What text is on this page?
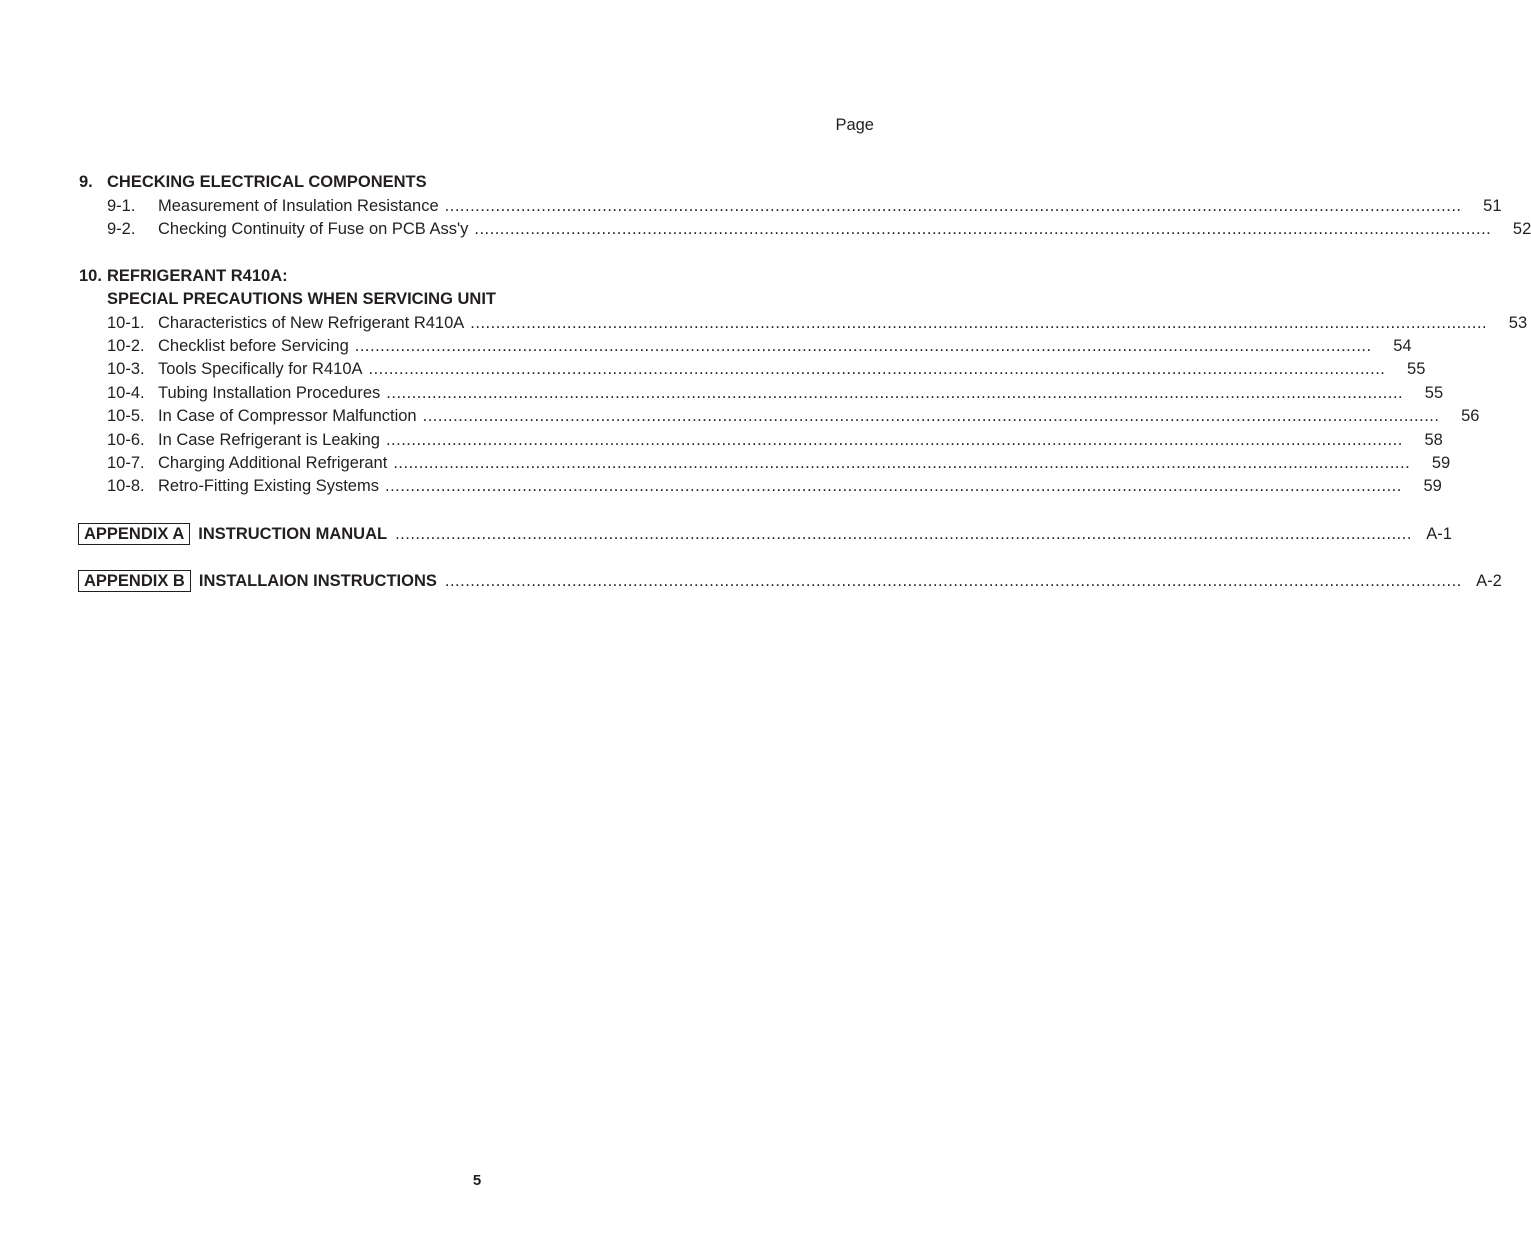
Page
9. CHECKING ELECTRICAL COMPONENTS
9-1.	Measurement of Insulation Resistance ........................................................................................................................................................................................................	51
9-2.	Checking Continuity of Fuse on PCB Ass'y ........................................................................................................................................................................................................	52
10. REFRIGERANT R410A:
SPECIAL PRECAUTIONS WHEN SERVICING UNIT
10-1. Characteristics of New Refrigerant R410A ........................................................................................................................................................................................................	53
10-2. Checklist before Servicing ........................................................................................................................................................................................................	54
10-3. Tools Specifically for R410A ........................................................................................................................................................................................................	55
10-4. Tubing Installation Procedures ........................................................................................................................................................................................................	55
10-5. In Case of Compressor Malfunction ........................................................................................................................................................................................................	56
10-6. In Case Refrigerant is Leaking ........................................................................................................................................................................................................	58
10-7. Charging Additional Refrigerant ........................................................................................................................................................................................................	59
10-8. Retro-Fitting Existing Systems ........................................................................................................................................................................................................	59
APPENDIX A INSTRUCTION MANUAL ........................................................................................................................................................................................................ A-1
APPENDIX B INSTALLAION INSTRUCTIONS ........................................................................................................................................................................................................ A-2
5
